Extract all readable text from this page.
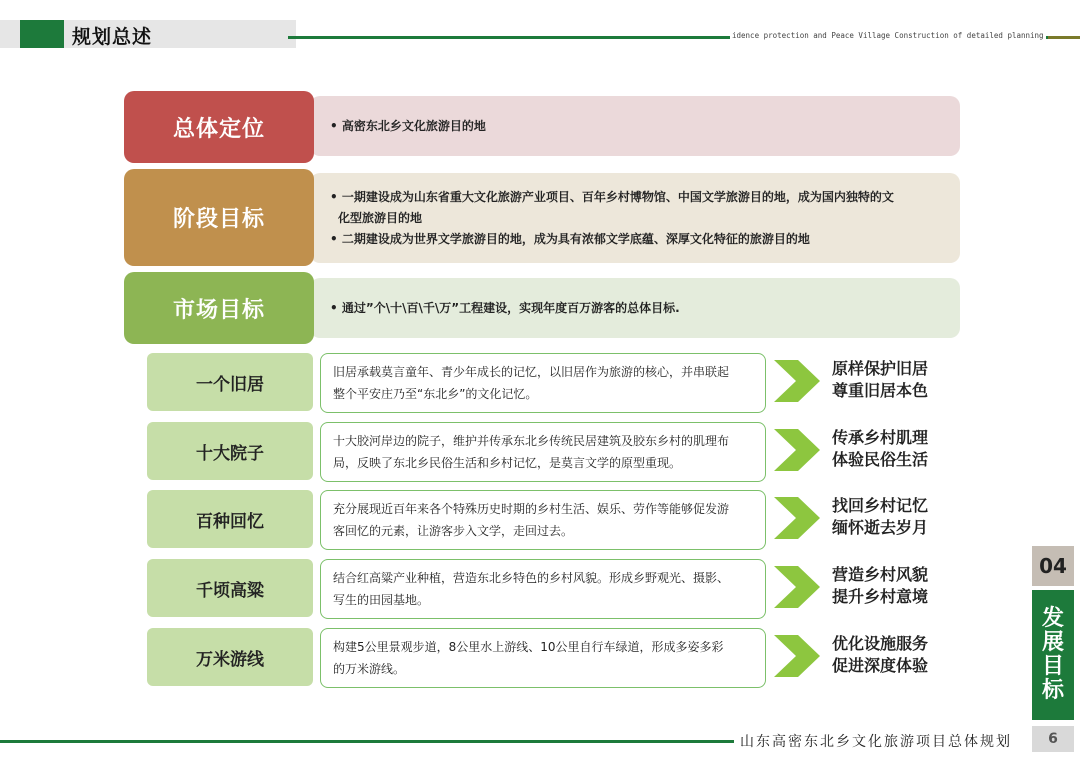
规划总述	idence protection and Peace Village Construction of detailed planning
• 高密东北乡文化旅游目的地
总体定位
• 一期建设成为山东省重大文化旅游产业项目、百年乡村博物馆、中国文学旅游目的地，成为国内独特的文
化型旅游目的地
• 二期建设成为世界文学旅游目的地，成为具有浓郁文学底蕴、深厚文化特征的旅游目的地
阶段目标
• 通过”个\十\百\千\万”工程建设，实现年度百万游客的总体目标.
市场目标
一个旧居
旧居承载莫言童年、青少年成长的记忆，以旧居作为旅游的核心，并串联起
整个平安庄乃至“东北乡”的文化记忆。
原样保护旧居
尊重旧居本色
十大院子
十大胶河岸边的院子，维护并传承东北乡传统民居建筑及胶东乡村的肌理布
局，反映了东北乡民俗生活和乡村记忆，是莫言文学的原型重现。
传承乡村肌理
体验民俗生活
百种回忆
充分展现近百年来各个特殊历史时期的乡村生活、娱乐、劳作等能够促发游
客回忆的元素，让游客步入文学，走回过去。
找回乡村记忆
缅怀逝去岁月
千顷高粱
结合红高粱产业种植，营造东北乡特色的乡村风貌。形成乡野观光、摄影、
写生的田园基地。
营造乡村风貌
提升乡村意境
万米游线
构建5公里景观步道，8公里水上游线、10公里自行车绿道，形成多姿多彩
的万米游线。
优化设施服务
促进深度体验
04
发
展
目
标
山东高密东北乡文化旅游项目总体规划	6
